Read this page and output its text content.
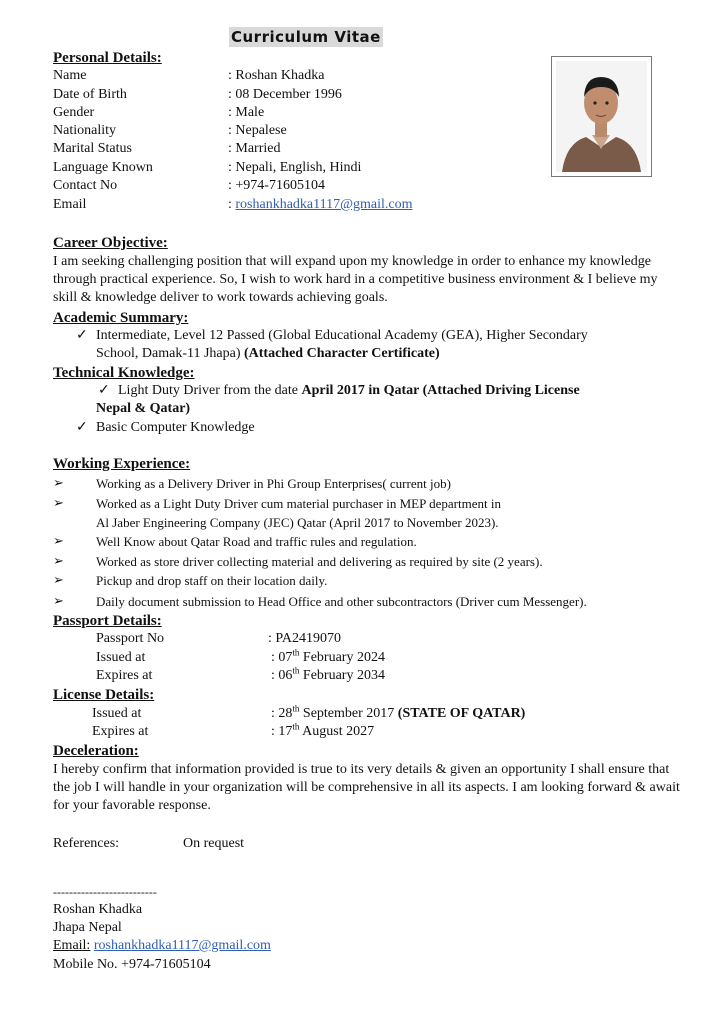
Curriculum Vitae
Personal Details:
Name	: Roshan Khadka
Date of Birth	: 08 December 1996
Gender	: Male
Nationality	: Nepalese
Marital Status	: Married
Language Known	: Nepali, English, Hindi
Contact No	: +974-71605104
Email	: roshankhadka1117@gmail.com
Career Objective:
I am seeking challenging position that will expand upon my knowledge in order to enhance my knowledge through practical experience. So, I wish to work hard in a competitive business environment & I believe my skill & knowledge deliver to work towards achieving goals.
Academic Summary:
✓ Intermediate, Level 12 Passed (Global Educational Academy (GEA), Higher Secondary
School, Damak-11 Jhapa) (Attached Character Certificate)
Technical Knowledge:
✓ Light Duty Driver from the date April 2017 in Qatar (Attached Driving License
Nepal & Qatar)
✓ Basic Computer Knowledge
Working Experience:
➢ Working as a Delivery Driver in Phi Group Enterprises( current job)
➢ Worked as a Light Duty Driver cum material purchaser in MEP department in
➢ Well Know about Qatar Road and traffic rules and regulation.
➢ Worked as store driver collecting material and delivering as required by site (2 years).
➢ Pickup and drop staff on their location daily.
➢ Daily document submission to Head Office and other subcontractors (Driver cum Messenger).
Al Jaber Engineering Company (JEC) Qatar (April 2017 to November 2023).
Passport Details:
Passport No	: PA2419070
Issued at	: 07th February 2024
Expires at	: 06th February 2034
License Details:
Issued at	: 28th September 2017 (STATE OF QATAR)
Expires at	: 17th August 2027
Deceleration:
I hereby confirm that information provided is true to its very details & given an opportunity I shall ensure that the job I will handle in your organization will be comprehensive in all its aspects. I am looking forward & await for your favorable response.
References:	On request
--------------------------
Roshan Khadka
Jhapa Nepal
Email: roshankhadka1117@gmail.com
Mobile No. +974-71605104
